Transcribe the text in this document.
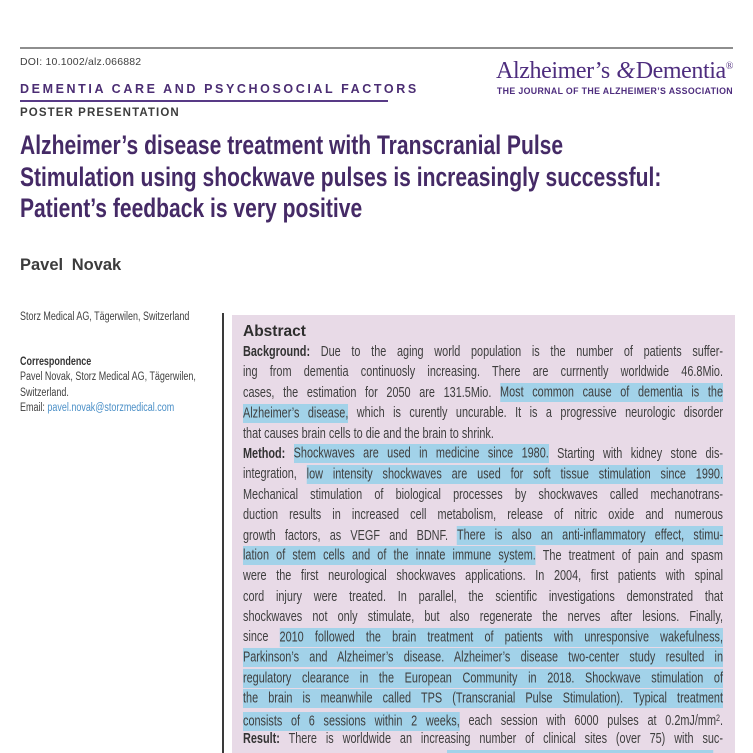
DOI: 10.1002/alz.066882	Alzheimer’s &Dementia®
THE JOURNAL OF THE ALZHEIMER’S ASSOCIATION
DEMENTIA CARE AND PSYCHOSOCIAL FACTORS
POSTER PRESENTATION
Alzheimer’s disease treatment with Transcranial Pulse
Stimulation using shockwave pulses is increasingly successful:
Patient’s feedback is very positive
Pavel Novak
Storz Medical AG, Tägerwilen, Switzerland
Correspondence
Pavel Novak, Storz Medical AG, Tägerwilen,
Switzerland.
Email: pavel.novak@storzmedical.com
Abstract
Background: Due to the aging world population is the number of patients suffer-
ing from dementia continuosly increasing. There are currnently worldwide 46.8Mio.
cases, the estimation for 2050 are 131.5Mio. Most common cause of dementia is the
Alzheimer’s disease, which is curently uncurable. It is a progressive neurologic disorder
that causes brain cells to die and the brain to shrink.
Method: Shockwaves are used in medicine since 1980. Starting with kidney stone dis-
integration, low intensity shockwaves are used for soft tissue stimulation since 1990.
Mechanical stimulation of biological processes by shockwaves called mechanotrans-
duction results in increased cell metabolism, release of nitric oxide and numerous
growth factors, as VEGF and BDNF. There is also an anti-inflammatory effect, stimu-
lation of stem cells and of the innate immune system. The treatment of pain and spasm
were the first neurological shockwaves applications. In 2004, first patients with spinal
cord injury were treated. In parallel, the scientific investigations demonstrated that
shockwaves not only stimulate, but also regenerate the nerves after lesions. Finally,
since 2010 followed the brain treatment of patients with unresponsive wakefulness,
Parkinson’s and Alzheimer’s disease. Alzheimer’s disease two-center study resulted in
regulatory clearance in the European Community in 2018. Shockwave stimulation of
the brain is meanwhile called TPS (Transcranial Pulse Stimulation). Typical treatment
consists of 6 sessions within 2 weeks, each session with 6000 pulses at $0.2mJ/mm^2$.
Result: There is worldwide an increasing number of clinical sites (over 75) with suc-
